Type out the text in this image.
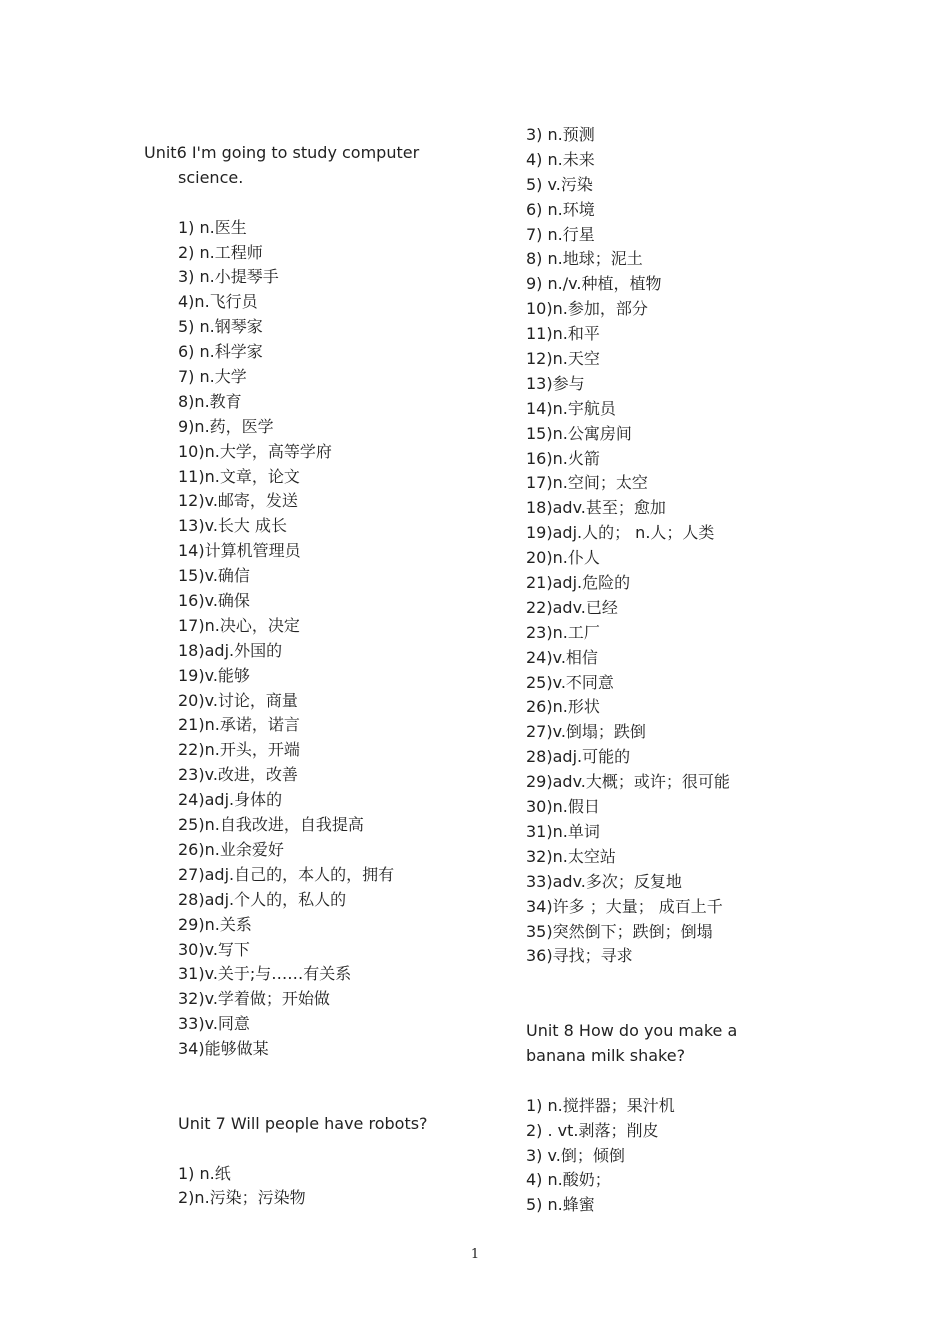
Unit6 I'm going to study computer
science.
1) n.医生
2) n.工程师
3) n.小提琴手
4)n.飞行员
5) n.钢琴家
6) n.科学家
7) n.大学
8)n.教育
9)n.药，医学
10)n.大学，高等学府
11)n.文章，论文
12)v.邮寄，发送
13)v.长大 成长
14)计算机管理员
15)v.确信
16)v.确保
17)n.决心，决定
18)adj.外国的
19)v.能够
20)v.讨论，商量
21)n.承诺，诺言
22)n.开头，开端
23)v.改进，改善
24)adj.身体的
25)n.自我改进，自我提高
26)n.业余爱好
27)adj.自己的，本人的，拥有
28)adj.个人的，私人的
29)n.关系
30)v.写下
31)v.关于;与……有关系
32)v.学着做；开始做
33)v.同意
34)能够做某
Unit 7 Will people have robots?
1) n.纸
2)n.污染；污染物
3) n.预测
4) n.未来
5) v.污染
6) n.环境
7) n.行星
8) n.地球；泥土
9) n./v.种植，植物
10)n.参加，部分
11)n.和平
12)n.天空
13)参与
14)n.宇航员
15)n.公寓房间
16)n.火箭
17)n.空间；太空
18)adv.甚至；愈加
19)adj.人的； n.人；人类
20)n.仆人
21)adj.危险的
22)adv.已经
23)n.工厂
24)v.相信
25)v.不同意
26)n.形状
27)v.倒塌；跌倒
28)adj.可能的
29)adv.大概；或许；很可能
30)n.假日
31)n.单词
32)n.太空站
33)adv.多次；反复地
34)许多 ；大量； 成百上千
35)突然倒下；跌倒；倒塌
36)寻找；寻求
Unit 8 How do you make a
banana milk shake?
1) n.搅拌器；果汁机
2) . vt.剥落；削皮
3) v.倒；倾倒
4) n.酸奶；
5) n.蜂蜜
1
